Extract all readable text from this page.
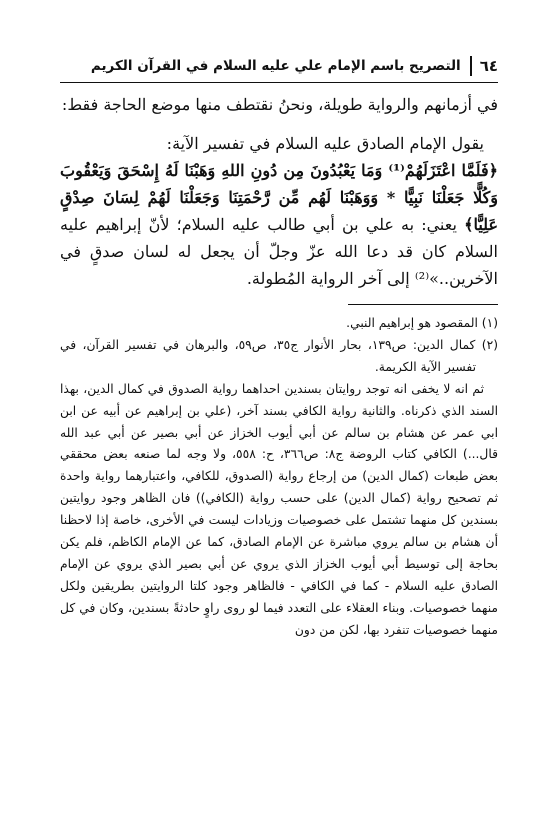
٦٤
التصريح باسم الإمام علي عليه السلام في القرآن الكريم

في أزمانهم والرواية طويلة، ونحنُ نقتطف منها موضع الحاجة فقط:

يقول الإمام الصادق عليه السلام في تفسير الآية:

﴿فَلَمَّا اعْتَزَلَهُمْ⁽¹⁾ وَمَا يَعْبُدُونَ مِن دُونِ اللهِ وَهَبْنَا لَهُ إِسْحَقَ وَيَعْقُوبَ وَكُلًّا جَعَلْنَا نَبِيًّا * وَوَهَبْنَا لَهُم مِّن رَّحْمَتِنَا وَجَعَلْنَا لَهُمْ لِسَانَ صِدْقٍ عَلِيًّا﴾ يعني: به علي بن أبي طالب عليه السلام؛ لأنّ إبراهيم عليه السلام كان قد دعا الله عزّ وجلّ أن يجعل له لسان صدقٍ في الآخرين..»⁽²⁾ إلى آخر الرواية المُطولة.

(١) المقصود هو إبراهيم النبي.

(٢) كمال الدين: ص١٣٩، بحار الأنوار ج٣٥، ص٥٩، والبرهان في تفسير القرآن، في تفسير الآية الكريمة.

ثم انه لا يخفى انه توجد روايتان بسندين احداهما رواية الصدوق في كمال الدين، بهذا السند الذي ذكرناه. والثانية رواية الكافي بسند آخر، (علي بن إبراهيم عن أبيه عن ابن ابي عمر عن هشام بن سالم عن أبي أيوب الخزاز عن أبي بصير عن أبي عبد الله قال...) الكافي كتاب الروضة ج٨: ص٣٦٦، ح: ٥٥٨، ولا وجه لما صنعه بعض محققي بعض طبعات (كمال الدين) من إرجاع رواية (الصدوق، للكافي، واعتبارهما رواية واحدة ثم تصحيح رواية (كمال الدين) على حسب رواية (الكافي)) فان الظاهر وجود روايتين بسندين كل منهما تشتمل على خصوصيات وزيادات ليست في الأخرى، خاصة إذا لاحظنا أن هشام بن سالم يروي مباشرة عن الإمام الصادق، كما عن الإمام الكاظم، فلم يكن بحاجة إلى توسيط أبي أيوب الخزاز الذي يروي عن أبي بصير الذي يروي عن الإمام الصادق عليه السلام - كما في الكافي - فالظاهر وجود كلتا الروايتين بطريقين ولكل منهما خصوصيات. وبناء العقلاء على التعدد فيما لو روى راوٍ حادثةً بسندين، وكان في كل منهما خصوصيات تنفرد بها، لكن من دون
